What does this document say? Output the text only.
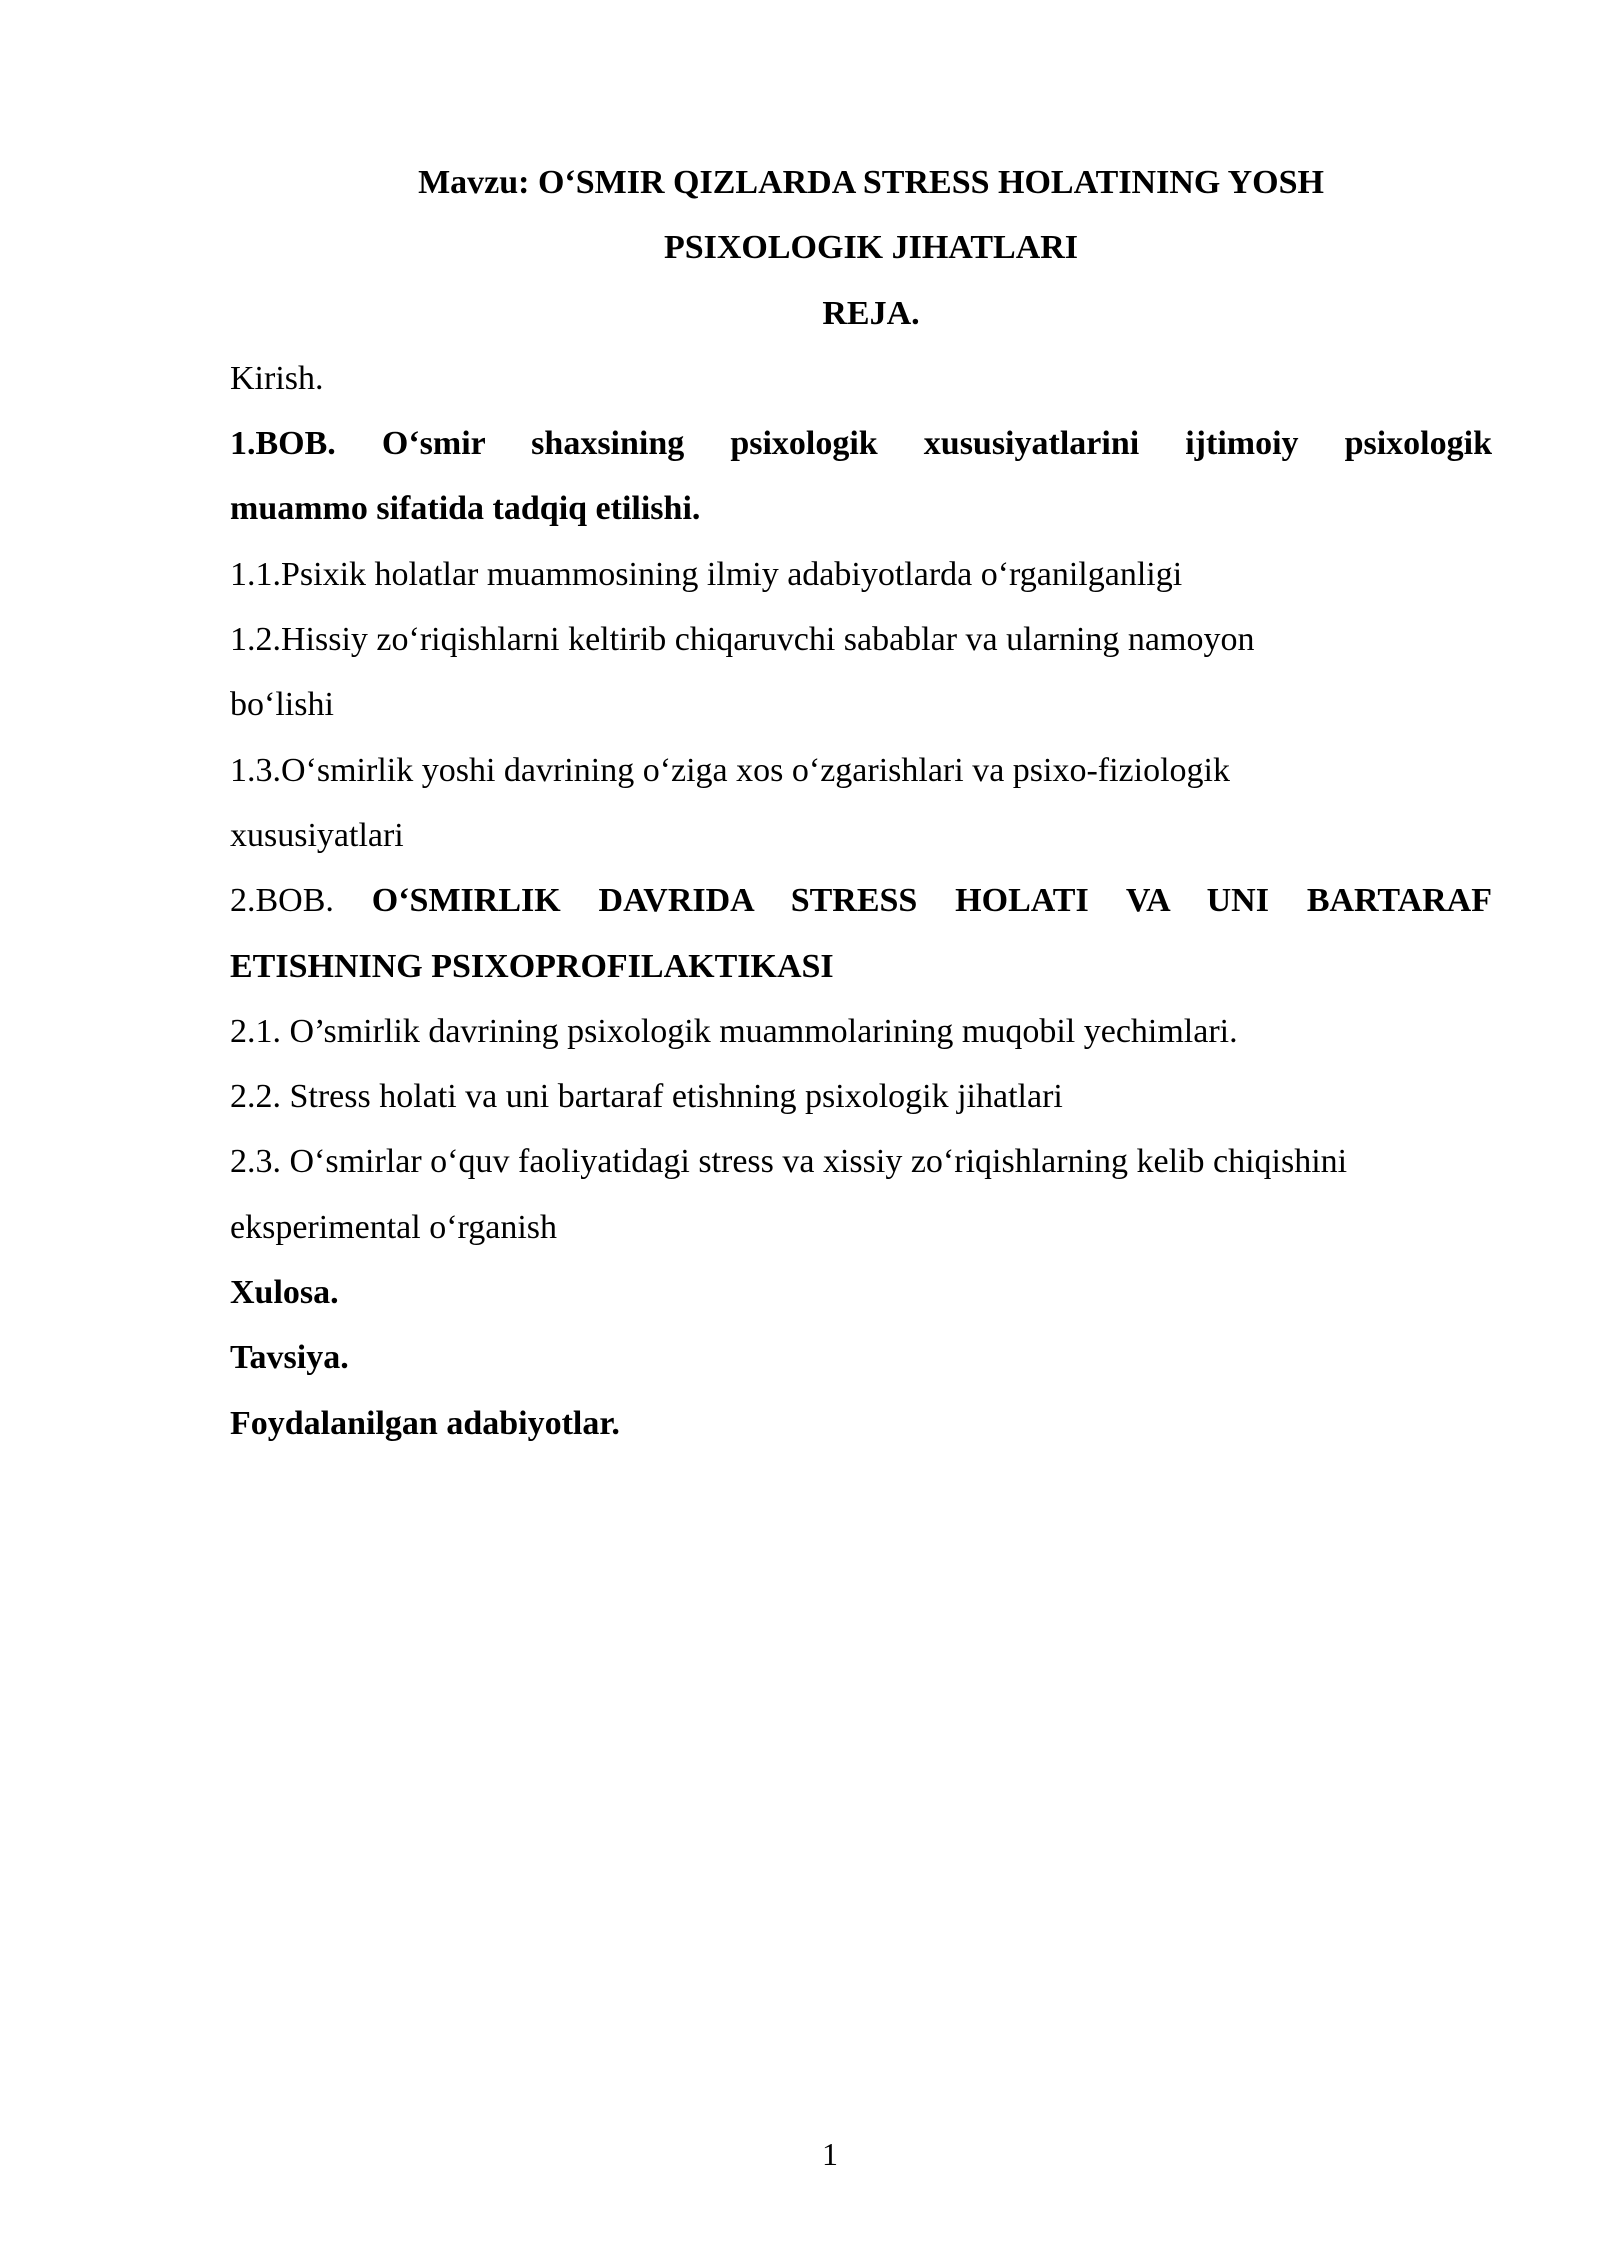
Mavzu: O‘SMIR QIZLARDA STRESS HOLATINING YOSH

PSIXOLOGIK JIHATLARI

REJA.

Kirish.

1.BOB. O‘smir shaxsining psixologik xususiyatlarini ijtimoiy psixologik

muammo sifatida tadqiq etilishi.

1.1.Psixik holatlar muammosining ilmiy adabiyotlarda o‘rganilganligi

1.2.Hissiy zo‘riqishlarni keltirib chiqaruvchi sabablar va ularning namoyon

bo‘lishi

1.3.O‘smirlik yoshi davrining o‘ziga xos o‘zgarishlari va psixo-fiziologik

xususiyatlari

2.BOB. O‘SMIRLIK DAVRIDA STRESS HOLATI VA UNI BARTARAF

ETISHNING PSIXOPROFILAKTIKASI

2.1. O’smirlik davrining psixologik muammolarining muqobil yechimlari.

2.2. Stress holati va uni bartaraf etishning psixologik jihatlari

2.3. O‘smirlar o‘quv faoliyatidagi stress va xissiy zo‘riqishlarning kelib chiqishini

eksperimental o‘rganish

Xulosa.

Tavsiya.

Foydalanilgan adabiyotlar.

1
